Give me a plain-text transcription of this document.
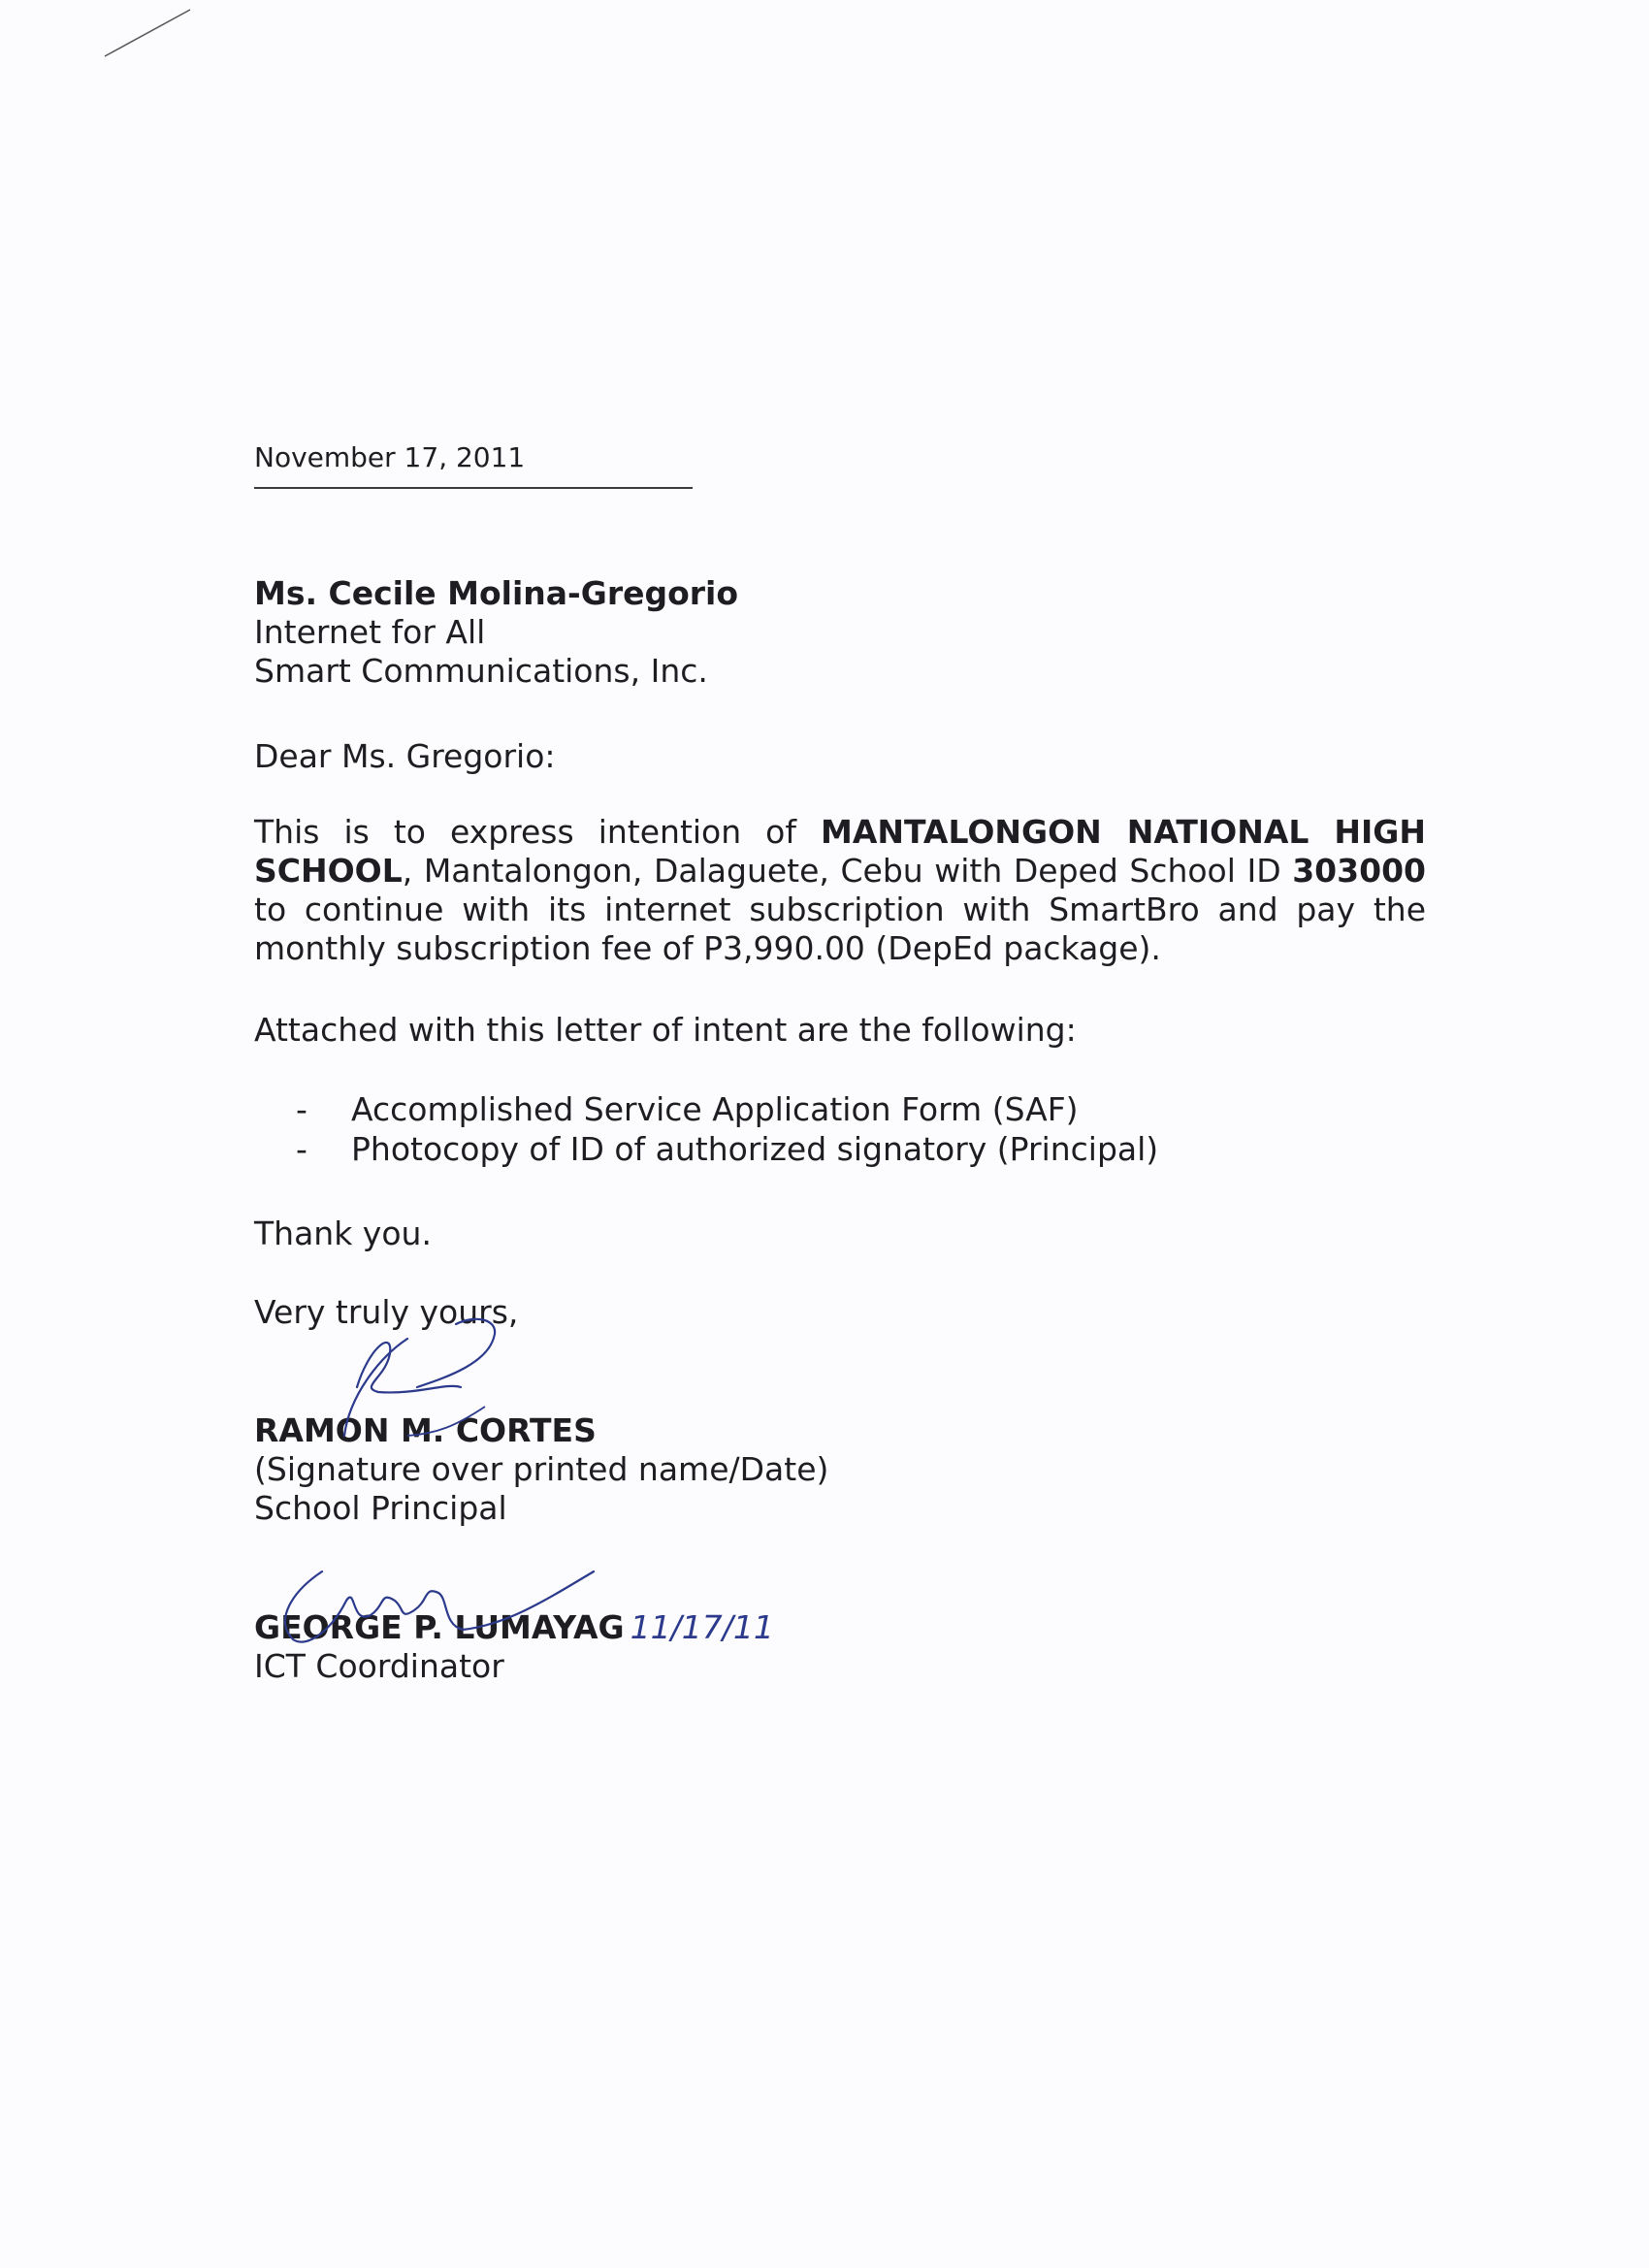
November 17, 2011
Ms. Cecile Molina-Gregorio
Internet for All
Smart Communications, Inc.
Dear Ms. Gregorio:
This is to express intention of MANTALONGON NATIONAL HIGH SCHOOL, Mantalongon, Dalaguete, Cebu with Deped School ID 303000 to continue with its internet subscription with SmartBro and pay the monthly subscription fee of P3,990.00 (DepEd package).
Attached with this letter of intent are the following:
-	Accomplished Service Application Form (SAF)
-	Photocopy of ID of authorized signatory (Principal)
Thank you.
Very truly yours,
RAMON M. CORTES
(Signature over printed name/Date)
School Principal
GEORGE P. LUMAYAG 11/17/11
ICT Coordinator
